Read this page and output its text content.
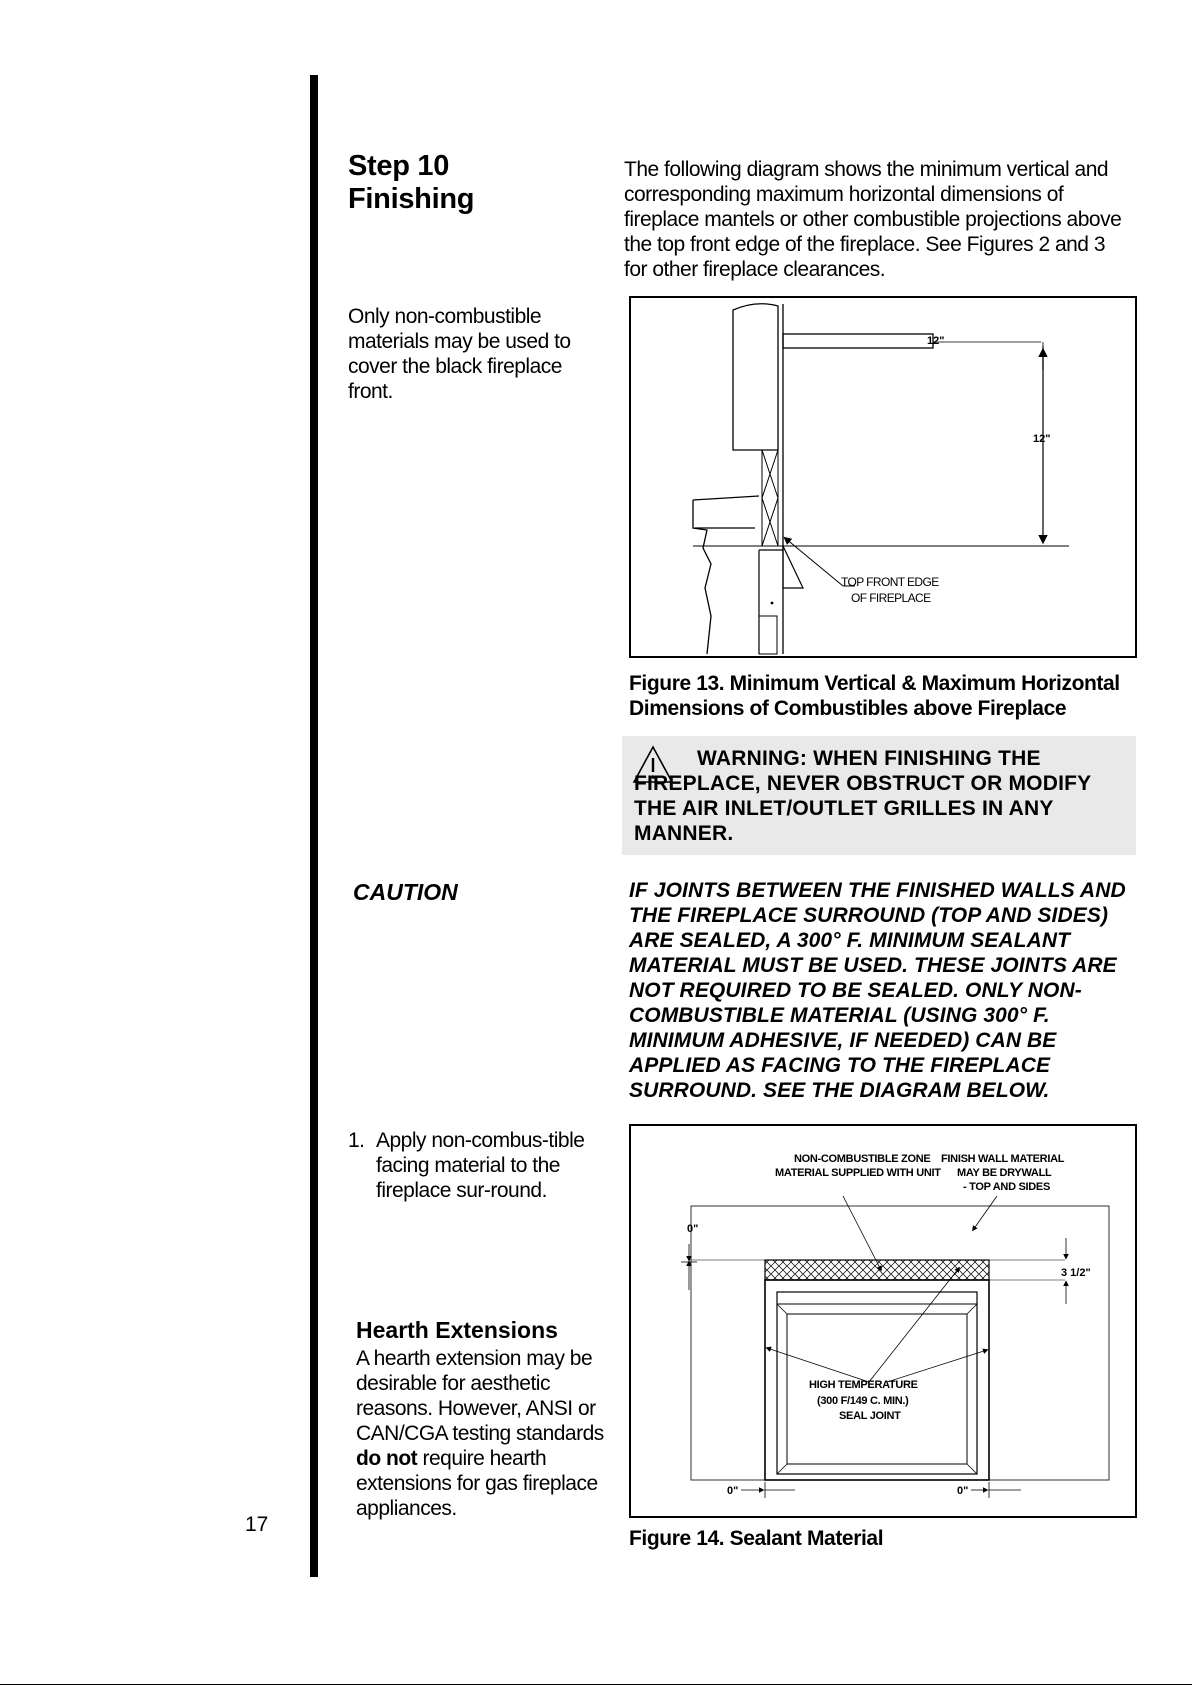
Step 10
Finishing
The following diagram shows the minimum vertical and corresponding maximum horizontal dimensions of fireplace mantels or other combustible projections above the top front edge of the fireplace. See Figures 2 and 3 for other fireplace clearances.
Only non-combustible materials may be used to cover the black fireplace front.
12"
12"
TOP FRONT EDGE
OF FIREPLACE
Figure 13. Minimum Vertical & Maximum Horizontal Dimensions of Combustibles above Fireplace
WARNING: WHEN FINISHING THE FIREPLACE, NEVER OBSTRUCT OR MODIFY THE AIR INLET/OUTLET GRILLES IN ANY MANNER.
CAUTION	IF JOINTS BETWEEN THE FINISHED WALLS AND THE FIREPLACE SURROUND (TOP AND SIDES) ARE SEALED, A 300° F. MINIMUM SEALANT MATERIAL MUST BE USED. THESE JOINTS ARE NOT REQUIRED TO BE SEALED. ONLY NON-COMBUSTIBLE MATERIAL (USING 300° F. MINIMUM ADHESIVE, IF NEEDED) CAN BE APPLIED AS FACING TO THE FIREPLACE SURROUND. SEE THE DIAGRAM BELOW.
1. Apply non-combus-tible facing material to the fireplace sur-round.
Hearth Extensions
A hearth extension may be desirable for aesthetic reasons. However, ANSI or CAN/CGA testing standards do not require hearth extensions for gas fireplace appliances.
NON-COMBUSTIBLE ZONE
MATERIAL SUPPLIED WITH UNIT
FINISH WALL MATERIAL
MAY BE DRYWALL
- TOP AND SIDES
0"
3 1/2"
HIGH TEMPERATURE
(300 F/149 C. MIN.)
SEAL JOINT
0"	0"
Figure 14. Sealant Material
17
